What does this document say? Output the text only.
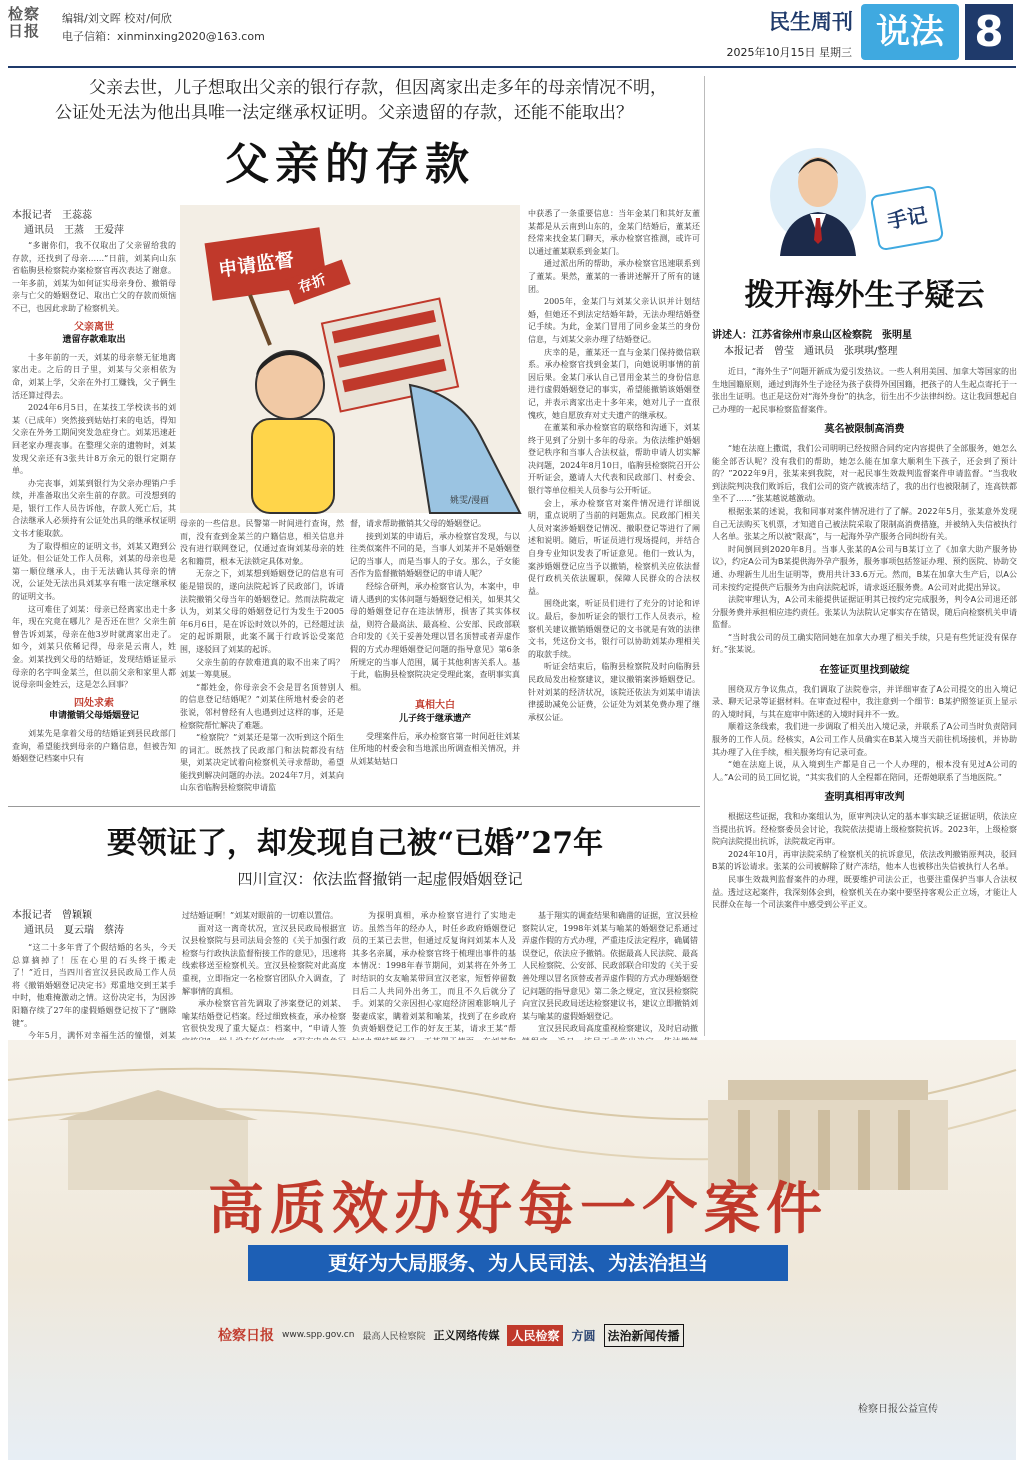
检察日报
编辑/刘文晖 校对/何欣
电子信箱：xinminxing2020@163.com
民生周刊
2025年10月15日 星期三
说法 8
父亲去世，儿子想取出父亲的银行存款，但因离家出走多年的母亲情况不明，公证处无法为他出具唯一法定继承权证明。父亲遗留的存款，还能不能取出？
父亲的存款
本报记者　王蕊蕊
通讯员　王蒸　王爱萍

“多谢你们，我不仅取出了父亲留给我的存款，还找到了母亲……”日前，刘某向山东省临朐县检察院办案检察官再次表达了谢意。一年多前，刘某为如何证实母亲身份、撤销母亲与亡父的婚姻登记、取出亡父的存款而烦恼不已，也因此求助了检察机关。

父亲离世
遗留存款难取出

十多年前的一天，刘某的母亲蔡无征地离家出走。之后的日子里，刘某与父亲相依为命，刘某上学，父亲在外打工赚钱，父子俩生活还算过得去。

2024年6月5日，在某技工学校读书的刘某（已成年）突然接到姑姑打来的电话，得知父亲在外务工期间突发急症身亡。刘某迅速赶回老家办理丧事。在整理父亲的遗物时，刘某发现父亲还有3张共计8万余元的银行定期存单。

办完丧事，刘某到银行为父亲办理销户手续，并准备取出父亲生前的存款。可没想到的是，银行工作人员告诉他，存款人死亡后，其合法继承人必须持有公证处出具的继承权证明文书才能取款。

为了取得相应的证明文书，刘某又跑到公证处。但公证处工作人员称，刘某的母亲也是第一顺位继承人，由于无法确认其母亲的情况，公证处无法出具刘某享有唯一法定继承权的证明文书。

这可难住了刘某：母亲已经离家出走十多年，现在究竟在哪儿？是否还在世？父亲生前曾告诉刘某，母亲在他3岁时就离家出走了。如今，刘某只依稀记得，母亲是云南人，姓金。刘某找到父母的结婚证，发现结婚证显示母亲的名字叫金某兰，但以前父亲和家里人都说母亲叫金姓云，这是怎么回事？

四处求索
申请撤销父母婚姻登记

刘某先是拿着父母的结婚证到县民政部门查询，希望能找到母亲的户籍信息，但被告知婚姻登记档案中只有

申请监督
存折
姚雯/漫画

母亲的一些信息。民警第一时间进行查询，然而，没有查到金某兰的户籍信息，相关信息并没有进行联网登记，仅通过查询刘某母亲的姓名和籍贯，根本无法锁定具体对象。

无奈之下，刘某想到婚姻登记的信息有可能是错误的，遂向法院起诉了民政部门，诉请法院撤销父母当年的婚姻登记。然而法院裁定认为，刘某父母的婚姻登记行为发生于2005年6月6日，是在诉讼时效以外的，已经超过法定的起诉期限，此案不属于行政诉讼受案范围，遂驳回了刘某的起诉。

父亲生前的存款难道真的取不出来了吗？刘某一筹莫展。

“都姓金，你母亲会不会是冒名顶替别人的信息登记结婚呢？”刘某住所地村委会的老张说，邻村曾经有人也遇到过这样的事，还是检察院帮忙解决了难题。

“检察院？”刘某还是第一次听到这个陌生的词汇。既然找了民政部门和法院都没有结果，刘某决定试着向检察机关寻求帮助，希望能找到解决问题的办法。2024年7月，刘某向山东省临朐县检察院申请监

督，请求帮助撤销其父母的婚姻登记。

接到刘某的申请后，承办检察官发现，与以往类似案件不同的是，当事人刘某并不是婚姻登记的当事人，而是当事人的子女。那么，子女能否作为监督撤销婚姻登记的申请人呢？

经综合研判，承办检察官认为，本案中，申请人遇到的实体问题与婚姻登记相关，如果其父母的婚姻登记存在违法情形，损害了其实体权益，则符合最高法、最高检、公安部、民政部联合印发的《关于妥善处理以冒名顶替或者弄虚作假的方式办理婚姻登记问题的指导意见》第6条所规定的当事人范围，属于其他利害关系人。基于此，临朐县检察院决定受理此案，查明事实真相。

真相大白
儿子终于继承遗产

受理案件后，承办检察官第一时间赶往刘某住所地的村委会和当地派出所调查相关情况，并从刘某姑姑口

中获悉了一条重要信息：当年金某门和其好友董某都是从云南到山东的，金某门结婚后，董某还经常来找金某门聊天，承办检察官推测，或许可以通过董某联系到金某门。

通过派出所的帮助，承办检察官迅速联系到了董某。果然，董某的一番讲述解开了所有的谜团。

2005年，金某门与刘某父亲认识并计划结婚，但她还不到法定结婚年龄，无法办理结婚登记手续。为此，金某门冒用了同乡金某兰的身份信息，与刘某父亲办理了结婚登记。

庆幸的是，董某还一直与金某门保持微信联系。承办检察官找到金某门，向她说明事情的前因后果。金某门承认自己冒用金某兰的身份信息进行虚假婚姻登记的事实，希望能撤销该婚姻登记，并表示离家出走十多年来，她对儿子一直很愧疚，她自愿放弃对丈夫遗产的继承权。

在董某和承办检察官的联络和沟通下，刘某终于见到了分别十多年的母亲。为依法维护婚姻登记秩序和当事人合法权益，帮助申请人切实解决问题，2024年8月10日，临朐县检察院召开公开听证会，邀请人大代表和民政部门、村委会、银行等单位相关人员参与公开听证。

会上，承办检察官对案件情况进行详细说明，重点说明了当前的问题焦点。民政部门相关人员对案涉婚姻登记情况、撤职登记等进行了阐述和说明。随后，听证员进行现场提问，并结合自身专业知识发表了听证意见。他们一致认为，案涉婚姻登记应当予以撤销，检察机关应依法督促行政机关依法履职，保障人民群众的合法权益。

围绕此案，听证员们进行了充分的讨论和评议。最后，参加听证会的银行工作人员表示，检察机关建议撤销婚姻登记的文书就是有效的法律文书，凭这份文书，银行可以协助刘某办理相关的取款手续。

听证会结束后，临朐县检察院及时向临朐县民政局发出检察建议，建议撤销案涉婚姻登记。针对刘某的经济状况，该院还依法为刘某申请法律援助减免公证费，公证处为刘某免费办理了继承权公证。

要领证了，却发现自己被“已婚”27年
四川宣汉：依法监督撤销一起虚假婚姻登记
本报记者　曾颖颖
通讯员　夏云瑞　蔡涛

“这二十多年背了个假结婚的名头，今天总算摘掉了！压在心里的石头终于搬走了！”近日，当四川省宣汉县民政局工作人员将《撤销婚姻登记决定书》郑重地交到王某手中时，他难掩激动之情。这份决定书，为因涉阳籍存续了27年的虚假婚姻登记按下了“删除键”。

今年5月，满怀对幸福生活的憧憬，刘某

过结婚证啊！”刘某对眼前的一切难以置信。

面对这一离奇状况，宣汉县民政局根据宣汉县检察院与县司法局会签的《关于加强行政检察与行政执法监督衔接工作的意见》，迅速将线索移送至检察机关。宣汉县检察院对此高度重视，立即指定一名检察官团队介入调查，了解事情的真相。

承办检察官首先调取了涉案登记的刘某、喻某结婚登记档案。经过细致核查，承办检察官很快发现了重大疑点：档案中，“申请人签

为探明真相，承办检察官进行了实地走访。虽然当年的经办人，时任乡政府婚姻登记员的王某已去世，但通过反复询问刘某本人及其多名亲属，承办检察官终于梳理出事件的基本情况：1998年春节期间，刘某将在外务工时结识的女友喻某带回宣汉老家，短暂停留数日后二人共同外出务工，而且不久后就分了手。刘某的父亲因担心家庭经济困难影响儿子娶妻成家，瞒着刘某和喻某，找到了在乡政府负责婚姻登记工作的好友王某，请求王某“帮

基于翔实的调查结果和确凿的证据，宣汉县检察院认定，1998年刘某与喻某的婚姻登记系通过弄虚作假的方式办理，严重违反法定程序，确属错误登记，依法应予撤销。依据最高人民法院、最高人民检察院、公安部、民政部联合印发的《关于妥善处理以冒名顶替或者弄虚作假的方式办理婚姻登记问题的指导意见》第二条之规定，宣汉县检察院向宣汉县民政局送达检察建议书，建议立即撤销刘某与喻某的虚假婚姻登记。

宣汉县民政局高度重视检察建议，及时启动撤

手记
拨开海外生子疑云
讲述人：江苏省徐州市泉山区检察院　张明星
本报记者　曾莹　通讯员　张琪琪/整理

近日，“海外生子”问题开新成为爱引发热议。一些人利用美国、加拿大等国家的出生地国籍原则，通过到海外生子途径为孩子获得外国国籍，把孩子的人生起点寄托于一张出生证明。也正是这份对“海外身份”的执念，衍生出不少法律纠纷。这让我回想起自己办理的一起民事检察监督案件。

莫名被限制高消费

“她在法庭上撒谎，我们公司明明已经按照合同约定内容提供了全部服务，她怎么能全部否认呢？没有我们的帮助，她怎么能在加拿大顺利生下孩子，还会到了预计的？”2022年9月，张某来到我院，对一起民事生效裁判监督案件申请监督。“当我收到法院判决我们败诉后，我们公司的资产就被冻结了，我的出行也被限制了，连高铁都坐不了……”张某越说越激动。

根据张某的述说，我和同事对案件情况进行了了解。2022年5月，张某意外发现自己无法购买飞机票，才知道自己被法院采取了限制高消费措施，并被纳入失信被执行人名单。张某之所以被“限高”，与一起海外孕产服务合同纠纷有关。

时间倒回到2020年8月。当事人张某的A公司与B某订立了《加拿大助产服务协议》，约定A公司为B某提供海外孕产服务，服务事项包括签证办理、预约医院、协助交通、办理新生儿出生证明等，费用共计33.6万元。然而，B某在加拿大生产后，以A公司未按约定提供产后服务为由向法院起诉，请求返还服务费。A公司对此提出异议。

法院审理认为，A公司未能提供证据证明其已按约定完成服务，判令A公司退还部分服务费并承担相应违约责任。张某认为法院认定事实存在错误，随后向检察机关申请监督。

“当时我公司的员工确实陪同她在加拿大办理了相关手续，只是有些凭证没有保存好。”张某说。

在签证页里找到破绽

围绕双方争议焦点，我们调取了法院卷宗，并详细审查了A公司提交的出入境记录、聊天记录等证据材料。在审查过程中，我注意到一个细节：B某护照签证页上显示的入境时间，与其在庭审中陈述的入境时间并不一致。

顺着这条线索，我们进一步调取了相关出入境记录，并联系了A公司当时负责陪同服务的工作人员。经核实，A公司工作人员确实在B某入境当天前往机场接机，并协助其办理了入住手续，相关服务均有记录可查。

“她在法庭上说，从入境到生产都是自己一个人办理的，根本没有见过A公司的人。”A公司的员工回忆说，“其实我们的人全程都在陪同，还帮她联系了当地医院。”

查明真相再审改判

根据这些证据，我和办案组认为，原审判决认定的基本事实缺乏证据证明，依法应当提出抗诉。经检察委员会讨论，我院依法提请上级检察院抗诉。2023年，上级检察院向法院提出抗诉，法院裁定再审。

2024年10月，再审法院采纳了检察机关的抗诉意见，依法改判撤销原判决，驳回B某的诉讼请求。张某的公司被解除了财产冻结，他本人也被移出失信被执行人名单。

民事生效裁判监督案件的办理，既要维护司法公正，也要注重保护当事人合法权益。透过这起案件，我深刻体会到，检察机关在办案中要坚持客观公正立场，才能让人民群众在每一个司法案件中感受到公平正义。

高质效办好每一个案件
更好为大局服务、为人民司法、为法治担当
检察日报 www.spp.gov.cn 最高人民检察院 正义网络传媒	人民检察	方圆	法治新闻传播
检察日报公益宣传
